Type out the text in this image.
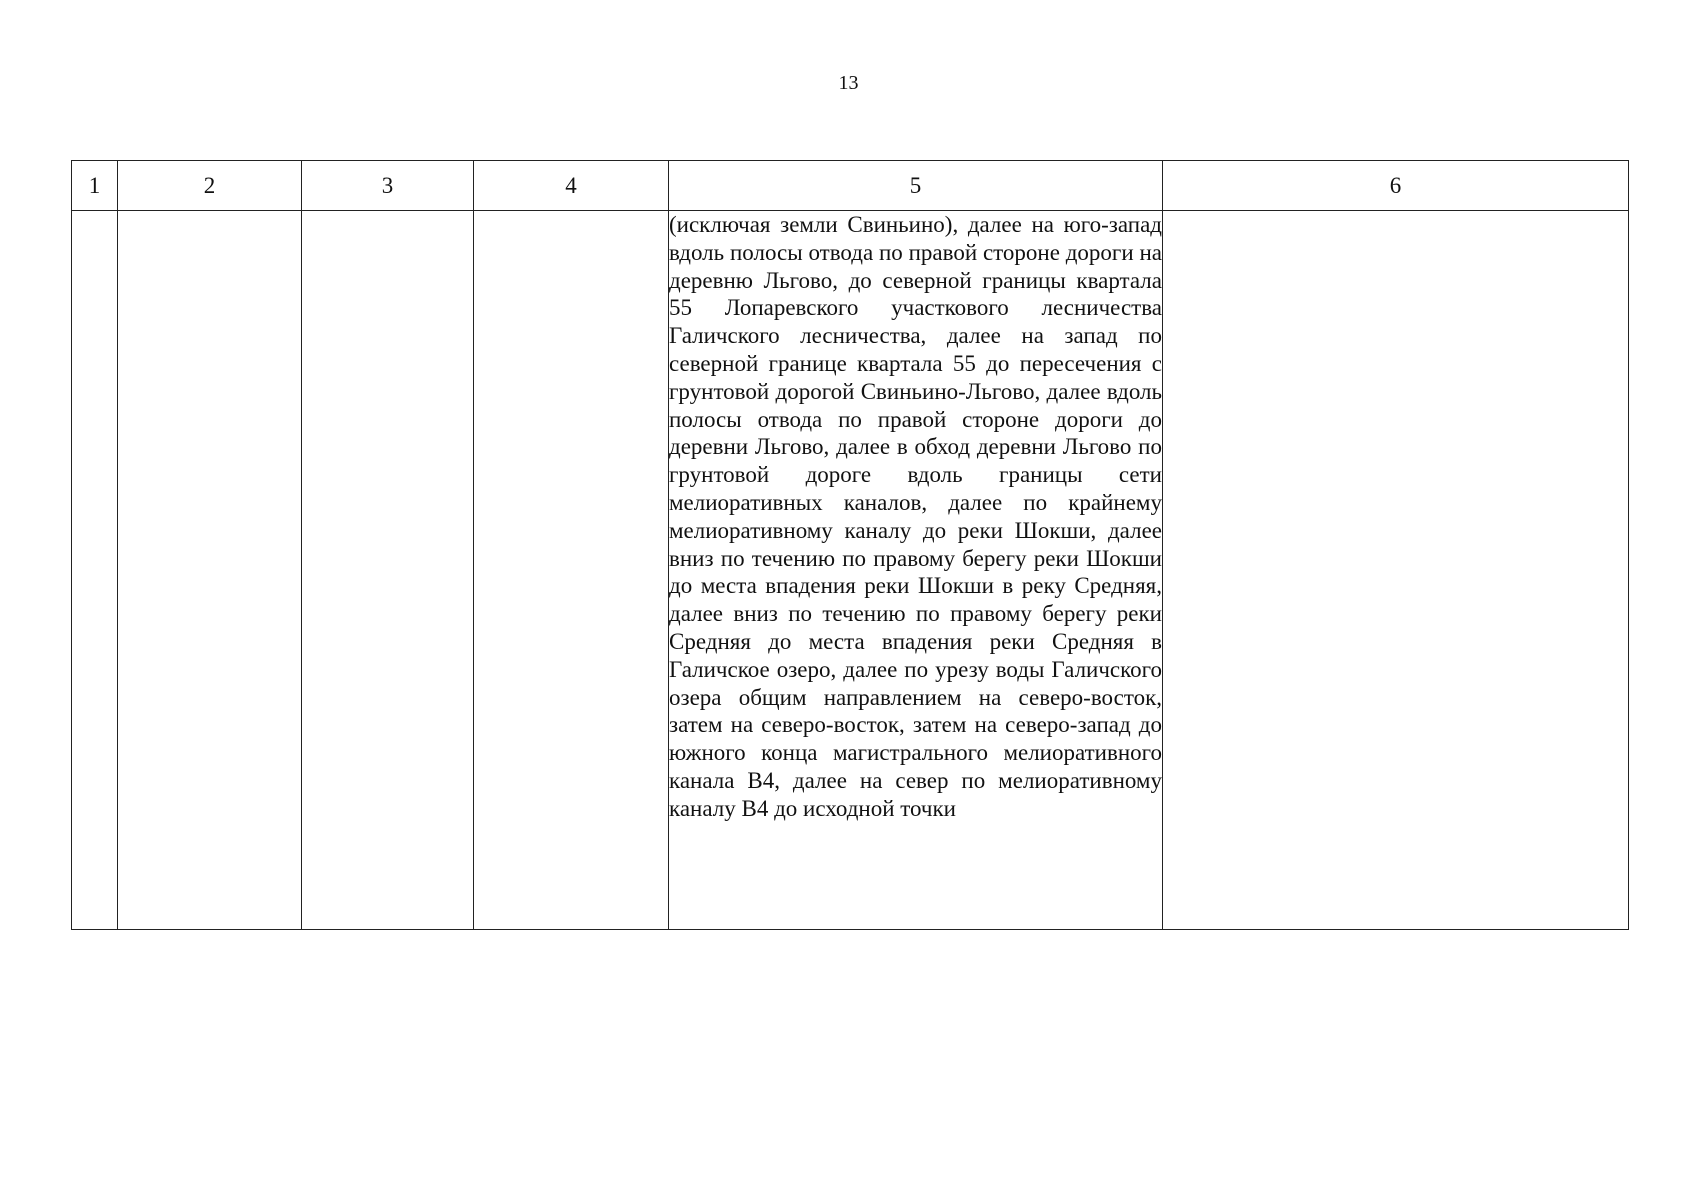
13
1	2	3	4	5	6
				(исключая земли Свиньино), далее на юго-запад вдоль полосы отвода по правой стороне дороги на деревню Льгово, до северной границы квартала 55 Лопаревского участкового лесничества Галичского лесничества, далее на запад по северной границе квартала 55 до пересечения с грунтовой дорогой Свиньино-Льгово, далее вдоль полосы отвода по правой стороне дороги до деревни Льгово, далее в обход деревни Льгово по грунтовой дороге вдоль границы сети мелиоративных каналов, далее по крайнему мелиоративному каналу до реки Шокши, далее вниз по течению по правому берегу реки Шокши до места впадения реки Шокши в реку Средняя, далее вниз по течению по правому берегу реки Средняя до места впадения реки Средняя в Галичское озеро, далее по урезу воды Галичского озера общим направлением на северо-восток, затем на северо-восток, затем на северо-запад до южного конца магистрального мелиоративного канала В4, далее на север по мелиоративному каналу В4 до исходной точки	
